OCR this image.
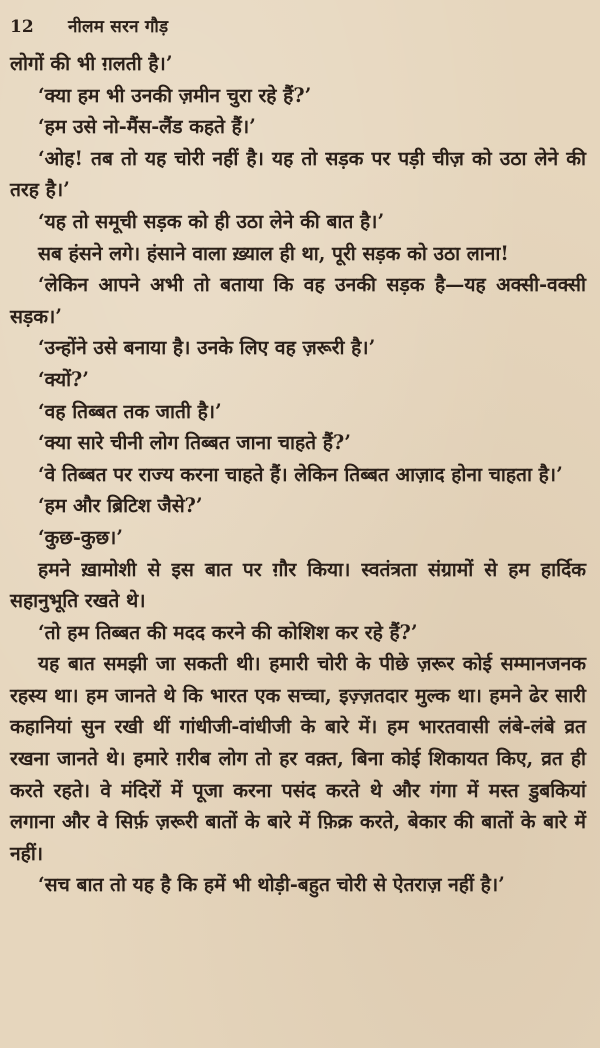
12	नीलम सरन गौड़

लोगों की भी ग़लती है।’

‘क्या हम भी उनकी ज़मीन चुरा रहे हैं?’

‘हम उसे नो-मैंस-लैंड कहते हैं।’

‘ओह! तब तो यह चोरी नहीं है। यह तो सड़क पर पड़ी चीज़ को उठा लेने की तरह है।’

‘यह तो समूची सड़क को ही उठा लेने की बात है।’

सब हंसने लगे। हंसाने वाला ख़्याल ही था, पूरी सड़क को उठा लाना!

‘लेकिन आपने अभी तो बताया कि वह उनकी सड़क है—यह अक्सी-वक्सी सड़क।’

‘उन्होंने उसे बनाया है। उनके लिए वह ज़रूरी है।’

‘क्यों?’

‘वह तिब्बत तक जाती है।’

‘क्या सारे चीनी लोग तिब्बत जाना चाहते हैं?’

‘वे तिब्बत पर राज्य करना चाहते हैं। लेकिन तिब्बत आज़ाद होना चाहता है।’

‘हम और ब्रिटिश जैसे?’

‘कुछ-कुछ।’

हमने ख़ामोशी से इस बात पर ग़ौर किया। स्वतंत्रता संग्रामों से हम हार्दिक सहानुभूति रखते थे।

‘तो हम तिब्बत की मदद करने की कोशिश कर रहे हैं?’

यह बात समझी जा सकती थी। हमारी चोरी के पीछे ज़रूर कोई सम्मानजनक रहस्य था। हम जानते थे कि भारत एक सच्चा, इज़्ज़तदार मुल्क था। हमने ढेर सारी कहानियां सुन रखी थीं गांधीजी-वांधीजी के बारे में। हम भारतवासी लंबे-लंबे व्रत रखना जानते थे। हमारे ग़रीब लोग तो हर वक़्त, बिना कोई शिकायत किए, व्रत ही करते रहते। वे मंदिरों में पूजा करना पसंद करते थे और गंगा में मस्त डुबकियां लगाना और वे सिर्फ़ ज़रूरी बातों के बारे में फ़िक्र करते, बेकार की बातों के बारे में नहीं।

‘सच बात तो यह है कि हमें भी थोड़ी-बहुत चोरी से ऐतराज़ नहीं है।’
